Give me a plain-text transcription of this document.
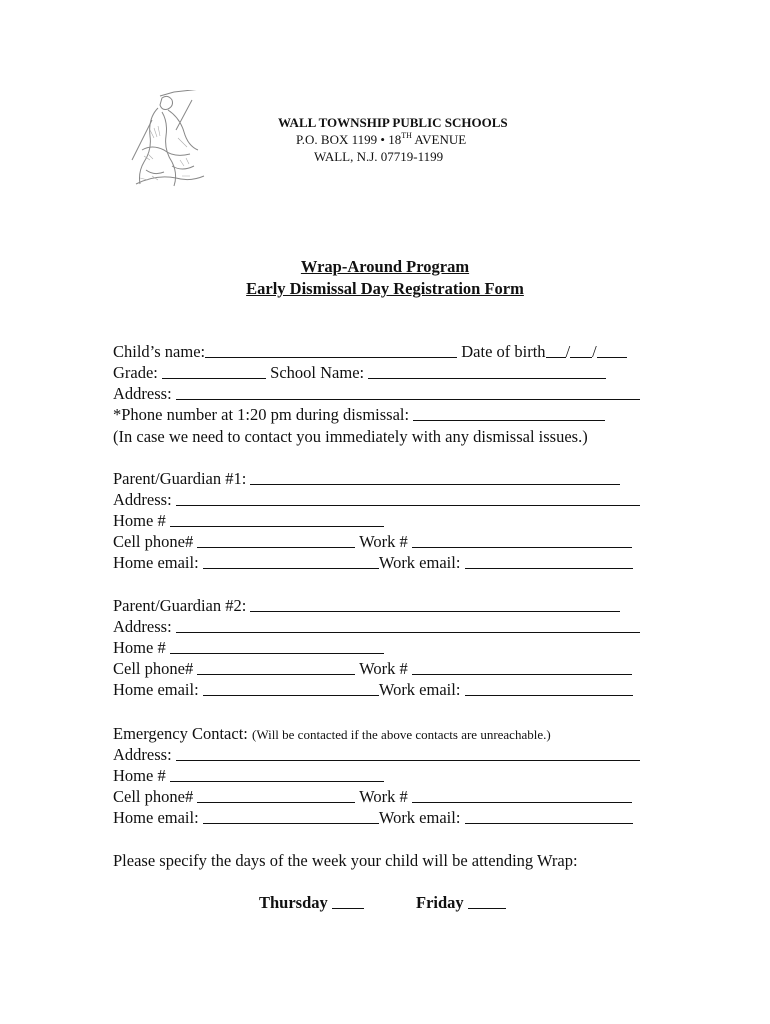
WALL TOWNSHIP PUBLIC SCHOOLS
P.O. BOX 1199 • 18TH AVENUE
WALL, N.J. 07719-1199
Wrap-Around Program
Early Dismissal Day Registration Form
Child’s name:	Date of birth / /
Grade:	School Name:
Address:
*Phone number at 1:20 pm during dismissal:
(In case we need to contact you immediately with any dismissal issues.)
Parent/Guardian #1:
Address:
Home #
Cell phone#	Work #
Home email:	Work email:
Parent/Guardian #2:
Address:
Home #
Cell phone#	Work #
Home email:	Work email:
Emergency Contact: (Will be contacted if the above contacts are unreachable.)
Address:
Home #
Cell phone#	Work #
Home email:	Work email:
Please specify the days of the week your child will be attending Wrap:
Thursday	Friday
